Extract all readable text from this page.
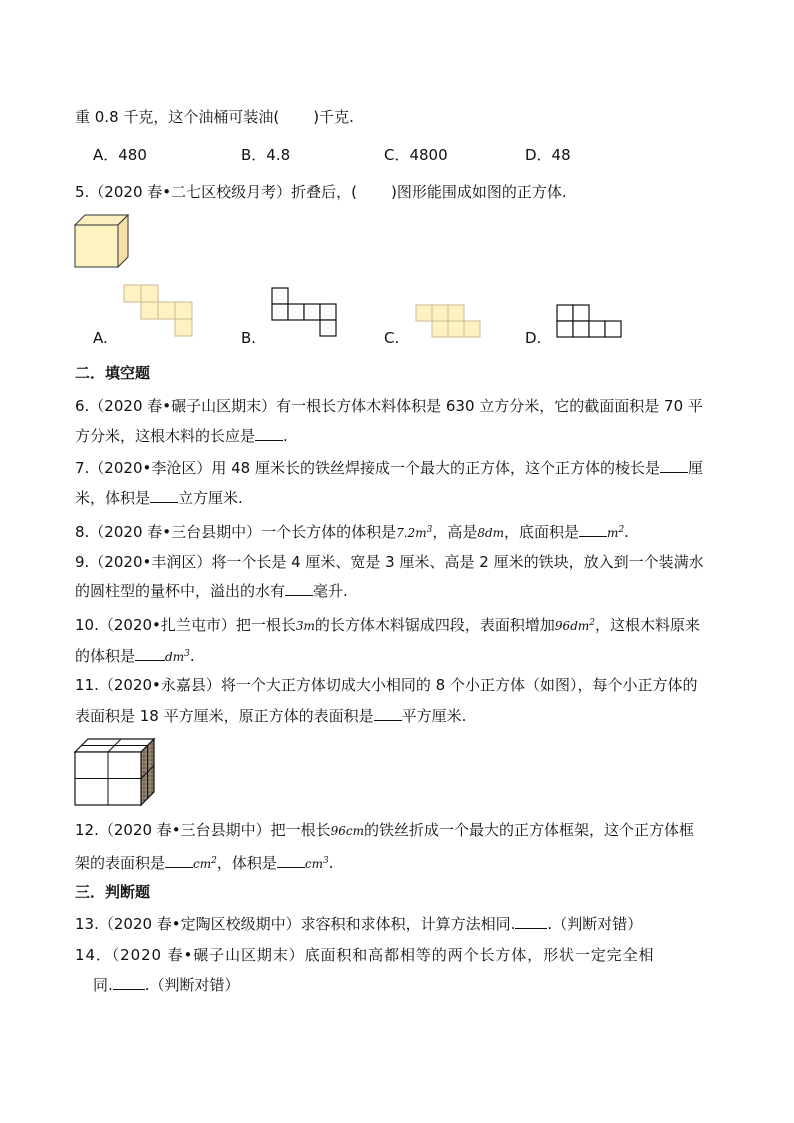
重 0.8 千克，这个油桶可装油( )千克.
A．480	B．4.8	C．4800	D．48
5.（2020 春•二七区校级月考）折叠后，( )图形能围成如图的正方体.
A.	B.	C.	D.
二．填空题
6.（2020 春•碾子山区期末）有一根长方体木料体积是 630 立方分米，它的截面面积是 70 平
方分米，这根木料的长应是 .
7.（2020•李沧区）用 48 厘米长的铁丝焊接成一个最大的正方体，这个正方体的棱长是 厘
米，体积是 立方厘米.
8.（2020 春•三台县期中）一个长方体的体积是$7.2m^3$，高是8dm，底面积是 $m^2$.
9.（2020•丰润区）将一个长是 4 厘米、宽是 3 厘米、高是 2 厘米的铁块，放入到一个装满水
的圆柱型的量杯中，溢出的水有 毫升.
10.（2020•扎兰屯市）把一根长3m的长方体木料锯成四段，表面积增加$96dm^2$，这根木料原来
的体积是	$dm^3$.
11.（2020•永嘉县）将一个大正方体切成大小相同的 8 个小正方体（如图），每个小正方体的
表面积是 18 平方厘米，原正方体的表面积是 平方厘米.
12.（2020 春•三台县期中）把一根长96cm的铁丝折成一个最大的正方体框架，这个正方体框
架的表面积是 $cm^2$，体积是 $cm^3$.
三．判断题
13.（2020 春•定陶区校级期中）求容积和求体积，计算方法相同. .（判断对错）
14．（2020 春•碾子山区期末）底面积和高都相等的两个长方体，形状一定完全相
同. .（判断对错）
